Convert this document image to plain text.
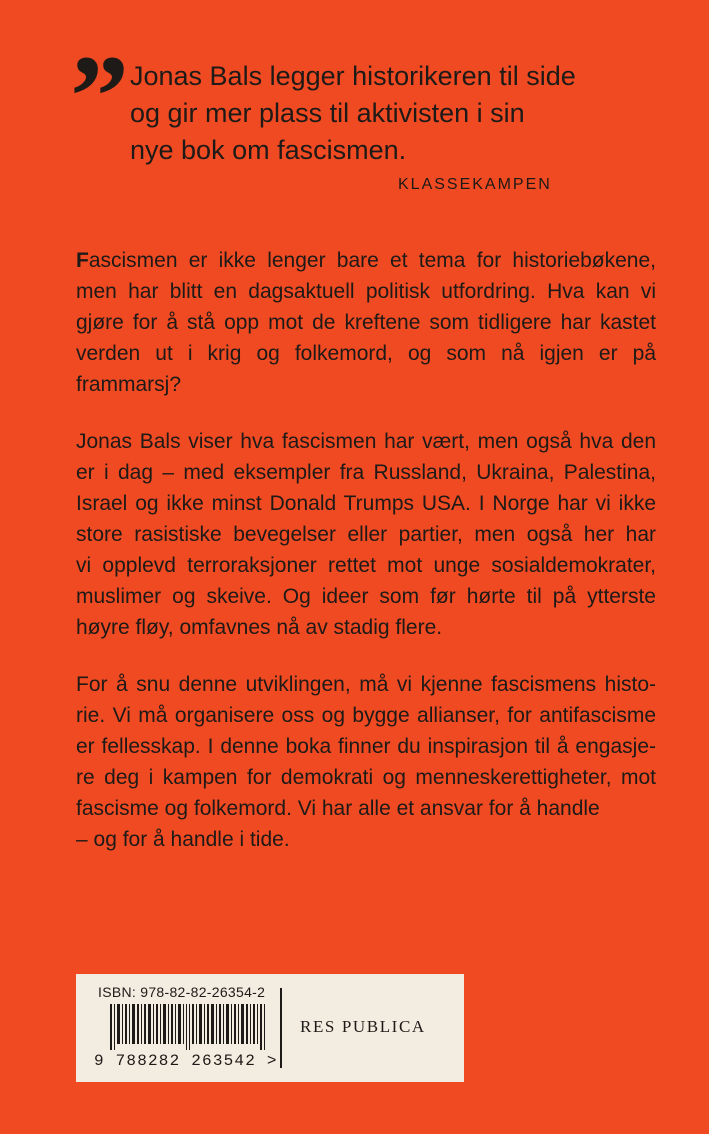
” Jonas Bals legger historikeren til side
og gir mer plass til aktivisten i sin
nye bok om fascismen.
KLASSEKAMPEN
Fascismen er ikke lenger bare et tema for historiebøkene,
men har blitt en dagsaktuell politisk utfordring. Hva kan vi
gjøre for å stå opp mot de kreftene som tidligere har kastet
verden ut i krig og folkemord, og som nå igjen er på
frammarsj?
Jonas Bals viser hva fascismen har vært, men også hva den
er i dag – med eksempler fra Russland, Ukraina, Palestina,
Israel og ikke minst Donald Trumps USA. I Norge har vi ikke
store rasistiske bevegelser eller partier, men også her har
vi opplevd terroraksjoner rettet mot unge sosialdemokrater,
muslimer og skeive. Og ideer som før hørte til på ytterste
høyre fløy, omfavnes nå av stadig flere.
For å snu denne utviklingen, må vi kjenne fascismens histo-
rie. Vi må organisere oss og bygge allianser, for antifascisme
er fellesskap. I denne boka finner du inspirasjon til å engasje-
re deg i kampen for demokrati og menneskerettigheter, mot
fascisme og folkemord. Vi har alle et ansvar for å handle
– og for å handle i tide.
ISBN: 978-82-82-26354-2
9 788282 263542 >
RES PUBLICA
